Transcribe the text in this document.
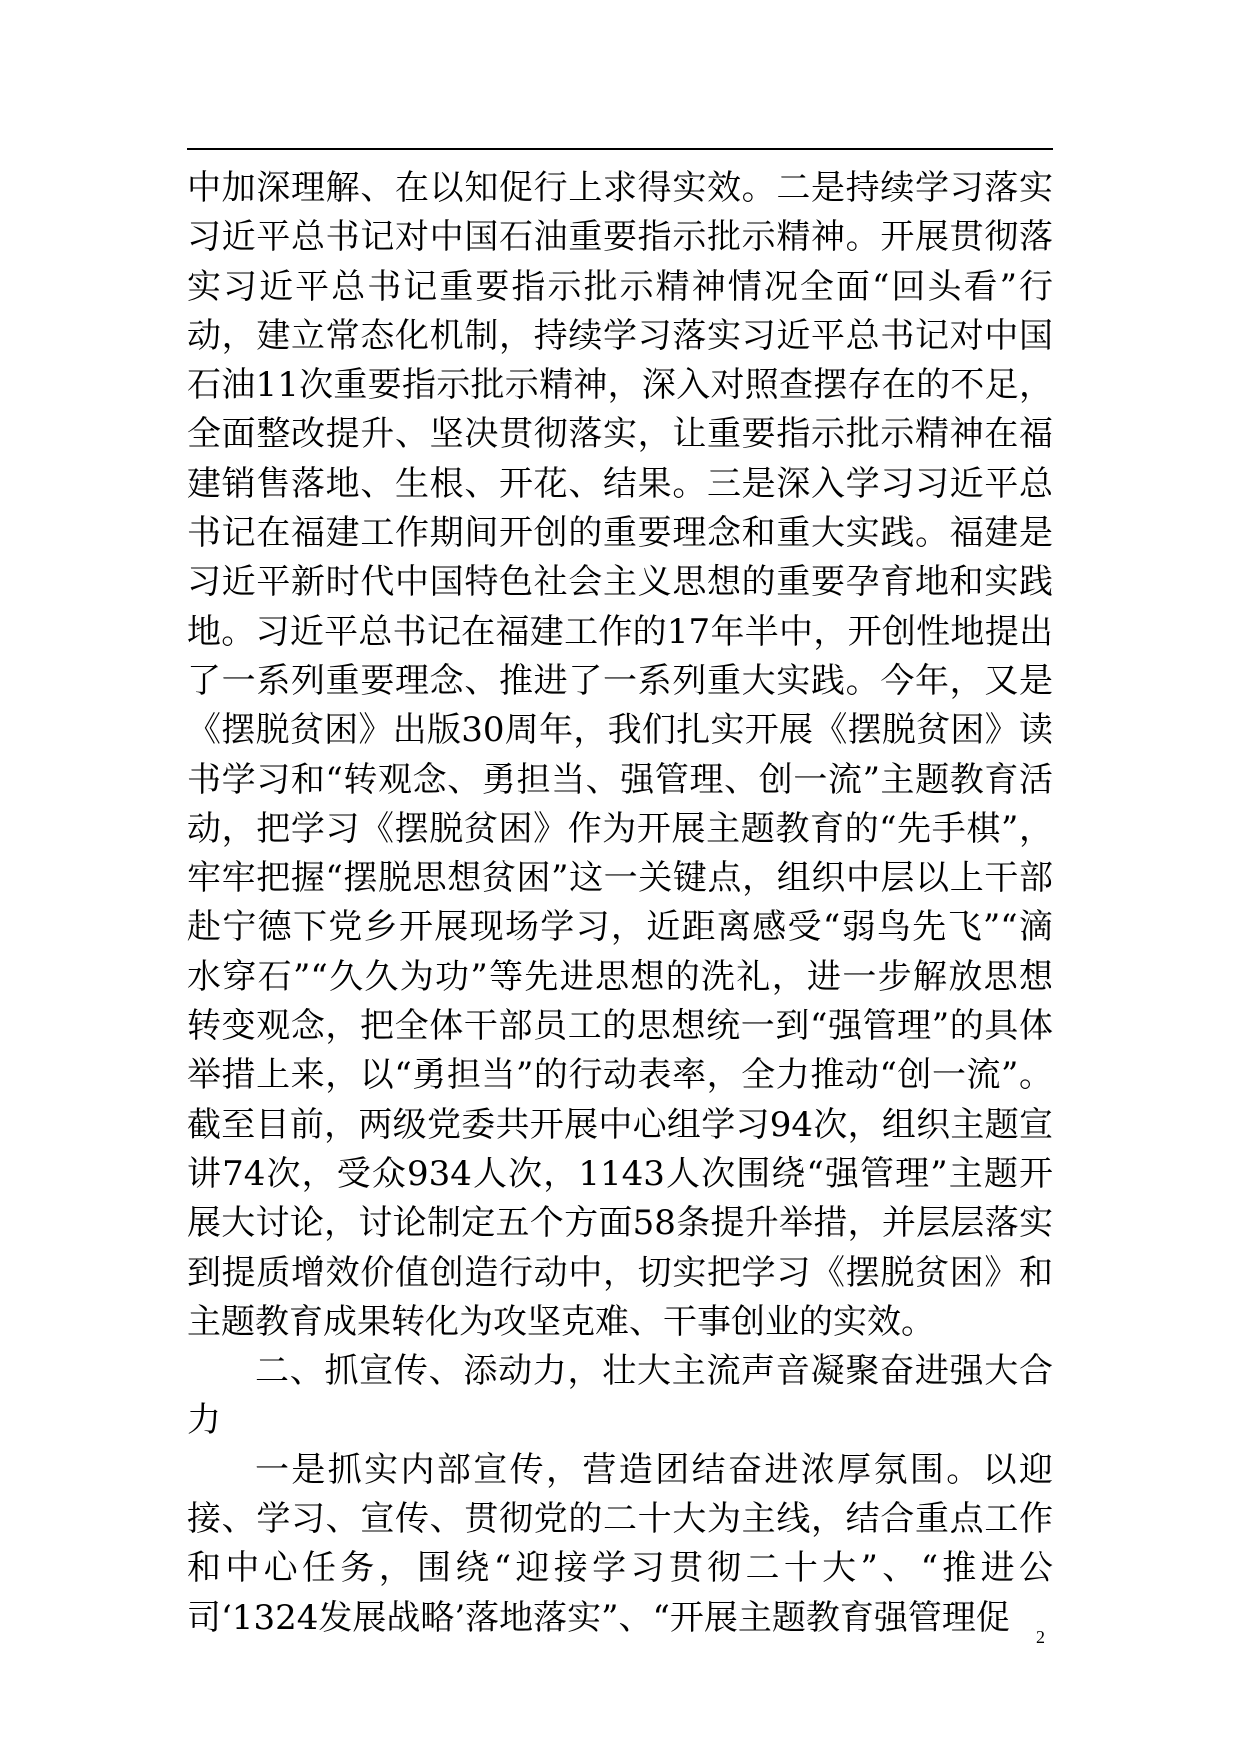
中加深理解、在以知促行上求得实效。二是持续学习落实习近平总书记对中国石油重要指示批示精神。开展贯彻落实习近平总书记重要指示批示精神情况全面“回头看”行动，建立常态化机制，持续学习落实习近平总书记对中国石油11次重要指示批示精神，深入对照查摆存在的不足，全面整改提升、坚决贯彻落实，让重要指示批示精神在福建销售落地、生根、开花、结果。三是深入学习习近平总书记在福建工作期间开创的重要理念和重大实践。福建是习近平新时代中国特色社会主义思想的重要孕育地和实践地。习近平总书记在福建工作的17年半中，开创性地提出了一系列重要理念、推进了一系列重大实践。今年，又是《摆脱贫困》出版30周年，我们扎实开展《摆脱贫困》读书学习和“转观念、勇担当、强管理、创一流”主题教育活动，把学习《摆脱贫困》作为开展主题教育的“先手棋”，牢牢把握“摆脱思想贫困”这一关键点，组织中层以上干部赴宁德下党乡开展现场学习，近距离感受“弱鸟先飞”“滴水穿石”“久久为功”等先进思想的洗礼，进一步解放思想转变观念，把全体干部员工的思想统一到“强管理”的具体举措上来，以“勇担当”的行动表率，全力推动“创一流”。截至目前，两级党委共开展中心组学习94次，组织主题宣讲74次，受众934人次，1143人次围绕“强管理”主题开展大讨论，讨论制定五个方面58条提升举措，并层层落实到提质增效价值创造行动中，切实把学习《摆脱贫困》和主题教育成果转化为攻坚克难、干事创业的实效。

二、抓宣传、添动力，壮大主流声音凝聚奋进强大合力

一是抓实内部宣传，营造团结奋进浓厚氛围。以迎接、学习、宣传、贯彻党的二十大为主线，结合重点工作和中心任务，围绕“迎接学习贯彻二十大”、“推进公司‘1324发展战略’落地落实”、“开展主题教育强管理促	2
